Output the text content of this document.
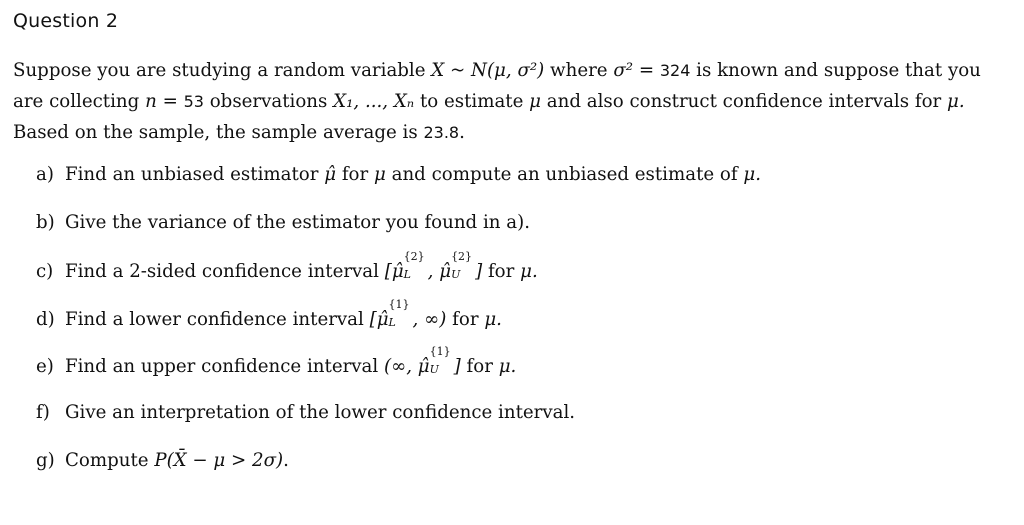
Question 2
Suppose you are studying a random variable X ~ N(μ, σ²) where σ² = 324 is known and suppose that you
are collecting n = 53 observations X₁, ..., Xₙ to estimate μ and also construct confidence intervals for μ.
Based on the sample, the sample average is 23.8.
a) Find an unbiased estimator μ̂ for μ and compute an unbiased estimate of μ.
b) Give the variance of the estimator you found in a).
c) Find a 2-sided confidence interval [μ̂
{2}
L , μ̂
{2}
U ] for μ.
d) Find a lower confidence interval [μ̂
{1}
L , ∞) for μ.
e) Find an upper confidence interval (∞, μ̂
{1}
U ] for μ.
f) Give an interpretation of the lower confidence interval.
g) Compute P(X̄ − μ > 2σ).
